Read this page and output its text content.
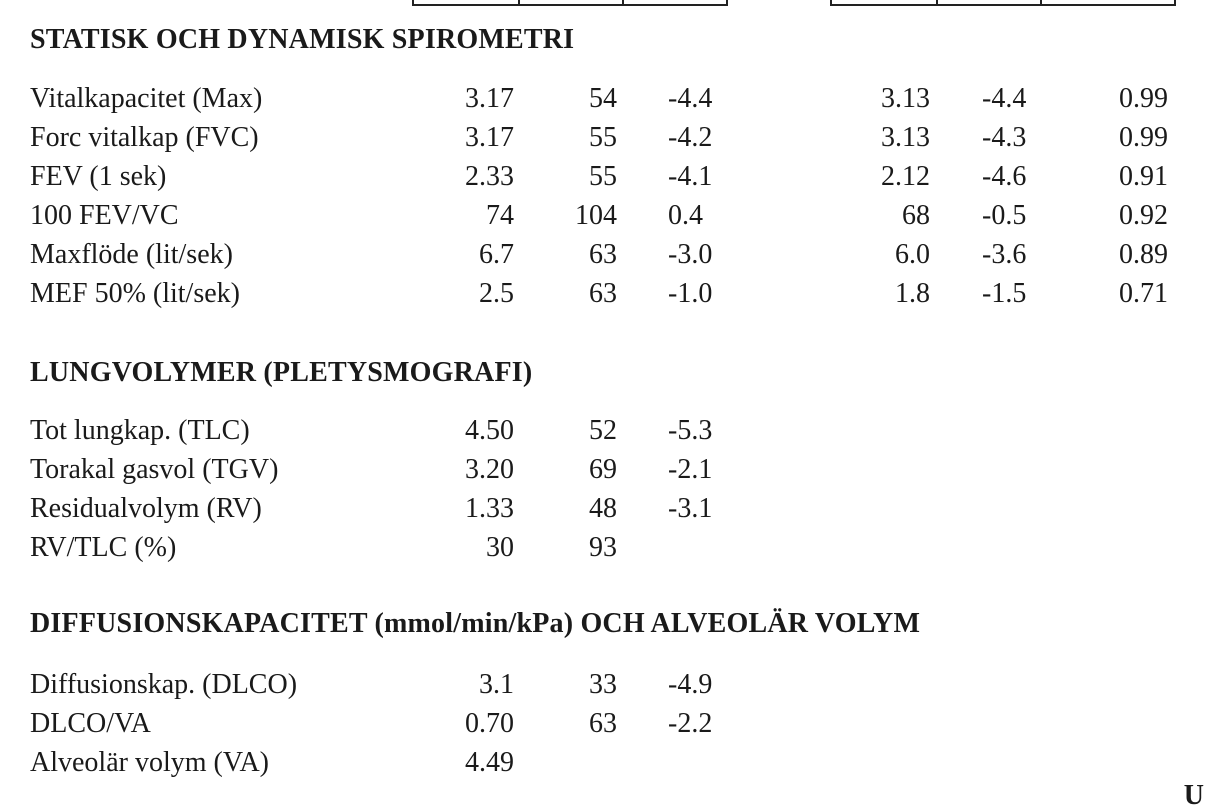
STATISK OCH DYNAMISK SPIROMETRI
Vitalkapacitet (Max)	3.17	54 -4.4	3.13 -4.4	0.99
Forc vitalkap (FVC)	3.17	55 -4.2	3.13 -4.3	0.99
FEV (1 sek)	2.33	55 -4.1	2.12 -4.6	0.91
100 FEV/VC	74 104 0.4	68 -0.5	0.92
Maxflöde (lit/sek)	6.7	63 -3.0	6.0 -3.6	0.89
MEF 50% (lit/sek)	2.5	63 -1.0	1.8 -1.5	0.71
LUNGVOLYMER (PLETYSMOGRAFI)
Tot lungkap. (TLC)	4.50	52 -5.3
Torakal gasvol (TGV)	3.20	69 -2.1
Residualvolym (RV)	1.33	48 -3.1
RV/TLC (%)	30	93
DIFFUSIONSKAPACITET (mmol/min/kPa) OCH ALVEOLÄR VOLYM
Diffusionskap. (DLCO)	3.1	33 -4.9
DLCO/VA	0.70	63 -2.2
Alveolär volym (VA)	4.49
U
